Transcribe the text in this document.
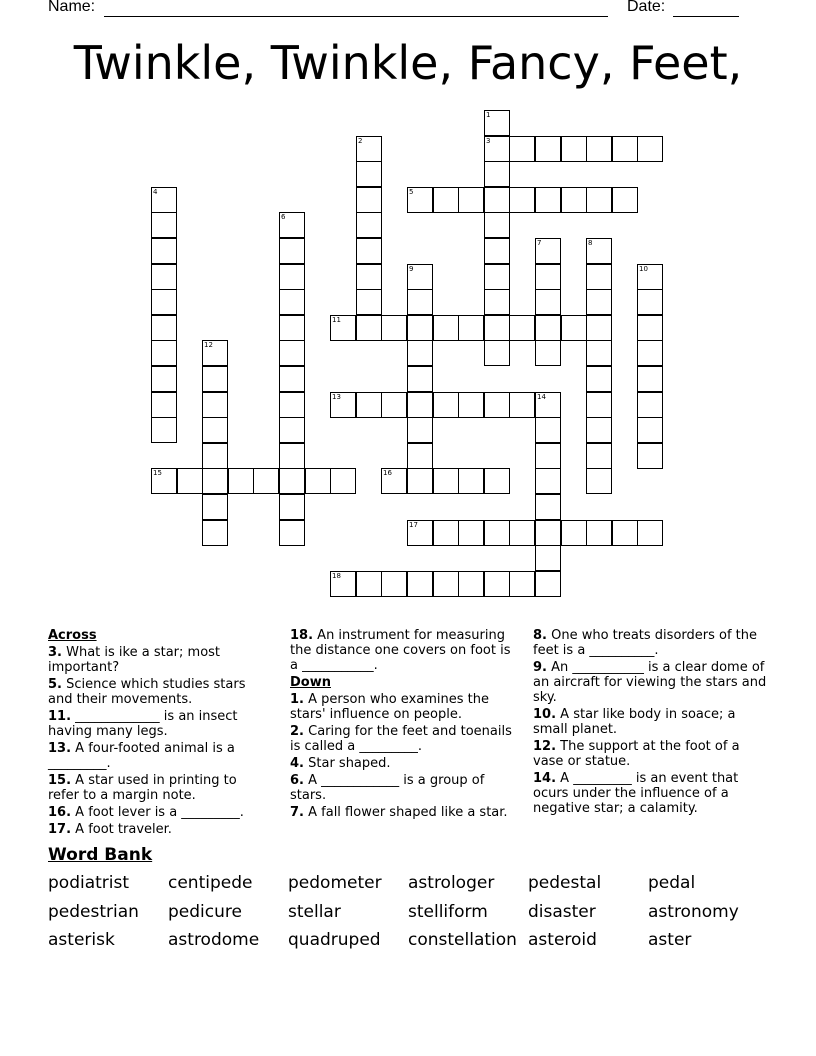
Name:	Date:
Twinkle, Twinkle, Fancy, Feet,
1
2	3
4	5
6
7	8
9	10
11
12
13	14
15	16
17
18
Across
3. What is ike a star; most important?
5. Science which studies stars and their movements.
11. _____________ is an insect having many legs.
13. A four-footed animal is a _________.
15. A star used in printing to refer to a margin note.
16. A foot lever is a _________.
17. A foot traveler.
18. An instrument for measuring the distance one covers on foot is a ___________.
Down
1. A person who examines the stars' influence on people.
2. Caring for the feet and toenails is called a _________.
4. Star shaped.
6. A ____________ is a group of stars.
7. A fall flower shaped like a star.
8. One who treats disorders of the feet is a __________.
9. An ___________ is a clear dome of an aircraft for viewing the stars and sky.
10. A star like body in soace; a small planet.
12. The support at the foot of a vase or statue.
14. A _________ is an event that ocurs under the influence of a negative star; a calamity.
Word Bank
podiatrist centipede pedometer astrologer pedestal	pedal
pedestrian pedicure	stellar	stelliform disaster	astronomy
asterisk	astrodome quadruped constellation asteroid	aster
